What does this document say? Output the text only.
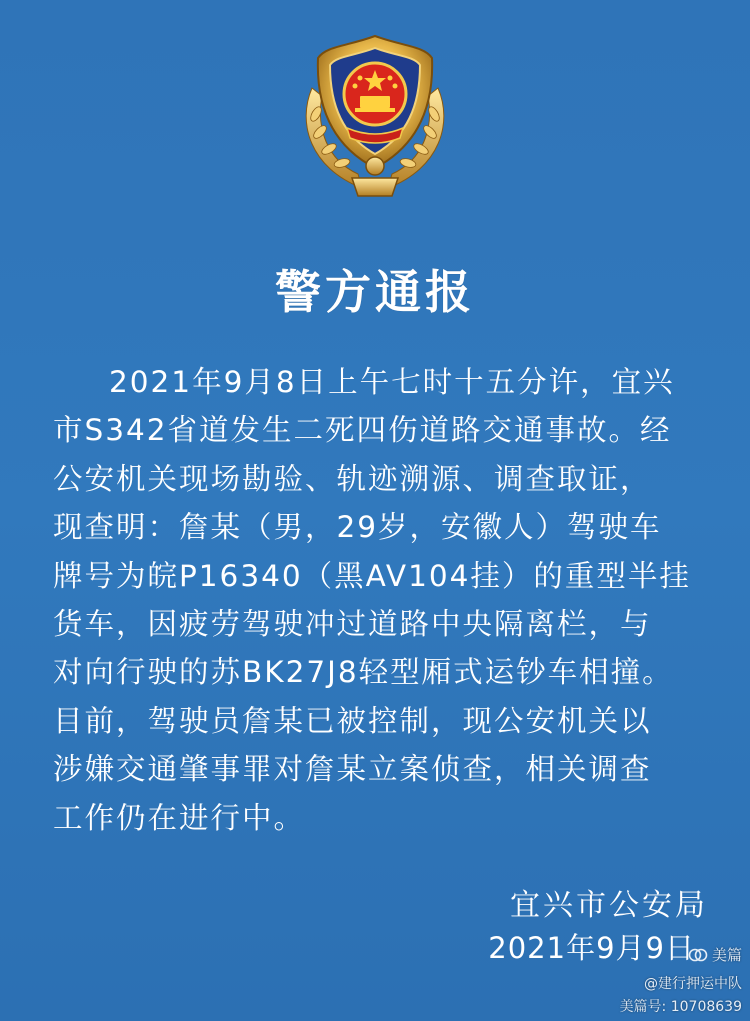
警方通报
2021年9月8日上午七时十五分许，宜兴
市S342省道发生二死四伤道路交通事故。经
公安机关现场勘验、轨迹溯源、调查取证，
现查明：詹某（男，29岁，安徽人）驾驶车
牌号为皖P16340（黑AV104挂）的重型半挂
货车，因疲劳驾驶冲过道路中央隔离栏，与
对向行驶的苏BK27J8轻型厢式运钞车相撞。
目前，驾驶员詹某已被控制，现公安机关以
涉嫌交通肇事罪对詹某立案侦查，相关调查
工作仍在进行中。
宜兴市公安局
2021年9月9日 美篇
@建行押运中队
美篇号: 10708639
